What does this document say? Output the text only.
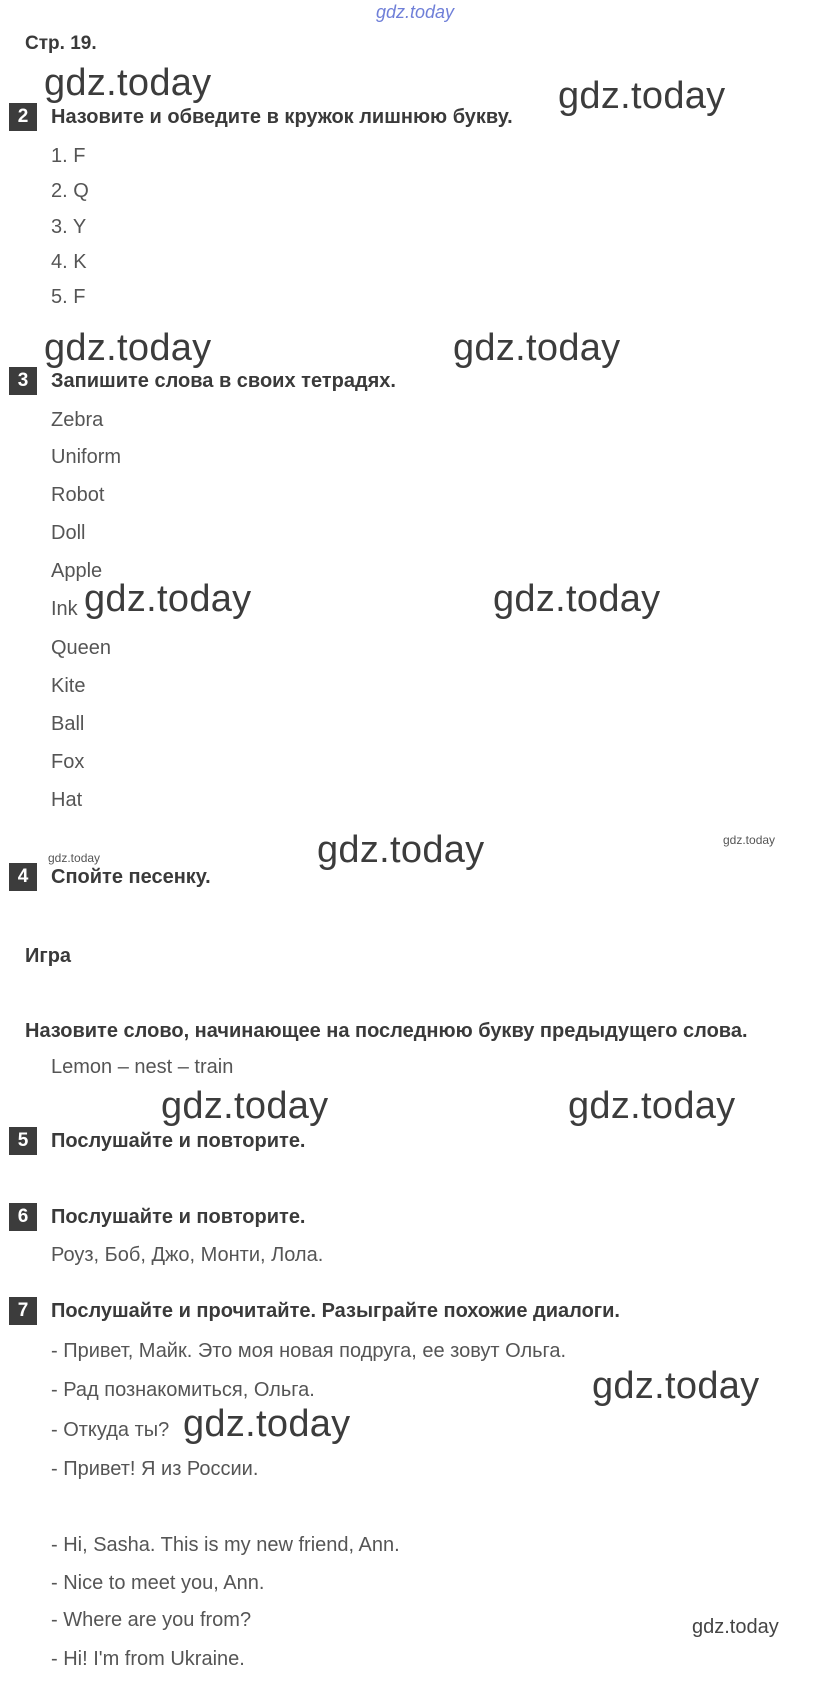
gdz.today
Стр. 19.
2	Назовите и обведите в кружок лишнюю букву.
1. F
2. Q
3. Y
4. K
5. F
3	Запишите слова в своих тетрадях.
Zebra
Uniform
Robot
Doll
Apple
Ink
Queen
Kite
Ball
Fox
Hat
4	Спойте песенку.
Игра
Назовите слово, начинающее на последнюю букву предыдущего слова.
Lemon – nest – train
5	Послушайте и повторите.
6	Послушайте и повторите.
Роуз, Боб, Джо, Монти, Лола.
7	Послушайте и прочитайте. Разыграйте похожие диалоги.
- Привет, Майк. Это моя новая подруга, ее зовут Ольга.
- Рад познакомиться, Ольга.
- Откуда ты?
- Привет! Я из России.
- Hi, Sasha. This is my new friend, Ann.
- Nice to meet you, Ann.
- Where are you from?
- Hi! I'm from Ukraine.
gdz.today	gdz.today
gdz.today	gdz.today
gdz.today	gdz.today
gdz.today	gdz.today	gdz.today
gdz.today	gdz.today
gdz.today
gdz.today
gdz.today
